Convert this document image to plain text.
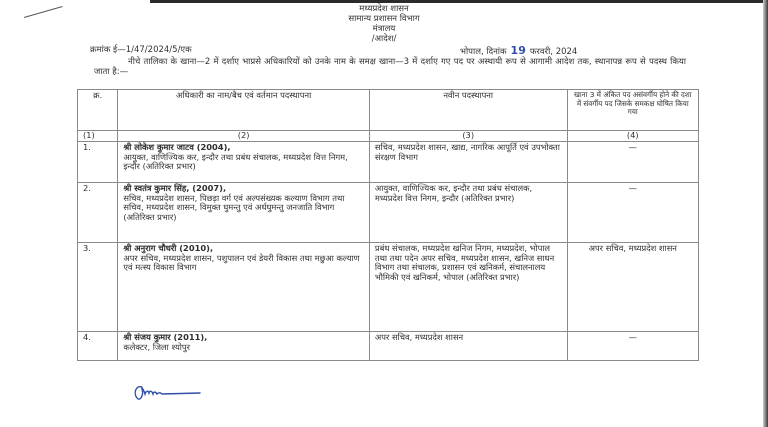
मध्यप्रदेश शासन
सामान्य प्रशासन विभाग
मंत्रालय
/आदेश/
क्रमांक ई—1/47/2024/5/एक	भोपाल, दिनांक 19 फरवरी, 2024
नीचे तालिका के खाना—2 में दर्शाए भाप्रसे अधिकारियों को उनके नाम के समक्ष खाना—3 में दर्शाए गए पद पर अस्थायी रूप से आगामी आदेश तक, स्थानापन्न रूप से पदस्थ किया जाता है:—
क्र.	अधिकारी का नाम/बैच एवं वर्तमान पदस्थापना	नवीन पदस्थापना	खाना 3 में अंकित पद असंवर्गीय होने की दशा में संवर्गीय पद जिसके समकक्ष घोषित किया गया
(1)	(2)	(3)	(4)
1.	श्री लोकेश कुमार जाटव (2004),
आयुक्त, वाणिज्यिक कर, इन्दौर तथा प्रबंध संचालक, मध्यप्रदेश वित्त निगम, इन्दौर (अतिरिक्त प्रभार)	सचिव, मध्यप्रदेश शासन, खाद्य, नागरिक आपूर्ति एवं उपभोक्ता संरक्षण विभाग	—
2.	श्री स्वतंत्र कुमार सिंह, (2007),
सचिव, मध्यप्रदेश शासन, पिछड़ा वर्ग एवं अल्पसंख्यक कल्याण विभाग तथा सचिव, मध्यप्रदेश शासन, विमुक्त घुमन्तु एवं अर्धघुमन्तु जनजाति विभाग (अतिरिक्त प्रभार)	आयुक्त, वाणिज्यिक कर, इन्दौर तथा प्रबंध संचालक, मध्यप्रदेश वित्त निगम, इन्दौर (अतिरिक्त प्रभार)	—
3.	श्री अनुराग चौधरी (2010),
अपर सचिव, मध्यप्रदेश शासन, पशुपालन एवं डेयरी विकास तथा मछुआ कल्याण एवं मत्स्य विकास विभाग	प्रबंध संचालक, मध्यप्रदेश खनिज निगम, मध्यप्रदेश, भोपाल तथा तथा पदेन अपर सचिव, मध्यप्रदेश शासन, खनिज साधन विभाग तथा संचालक, प्रशासन एवं खनिकर्म, संचालनालय भौमिकी एवं खनिकर्म, भोपाल (अतिरिक्त प्रभार)	अपर सचिव, मध्यप्रदेश शासन
4.	श्री संजय कुमार (2011),
कलेक्टर, जिला श्योपुर	अपर सचिव, मध्यप्रदेश शासन	—
